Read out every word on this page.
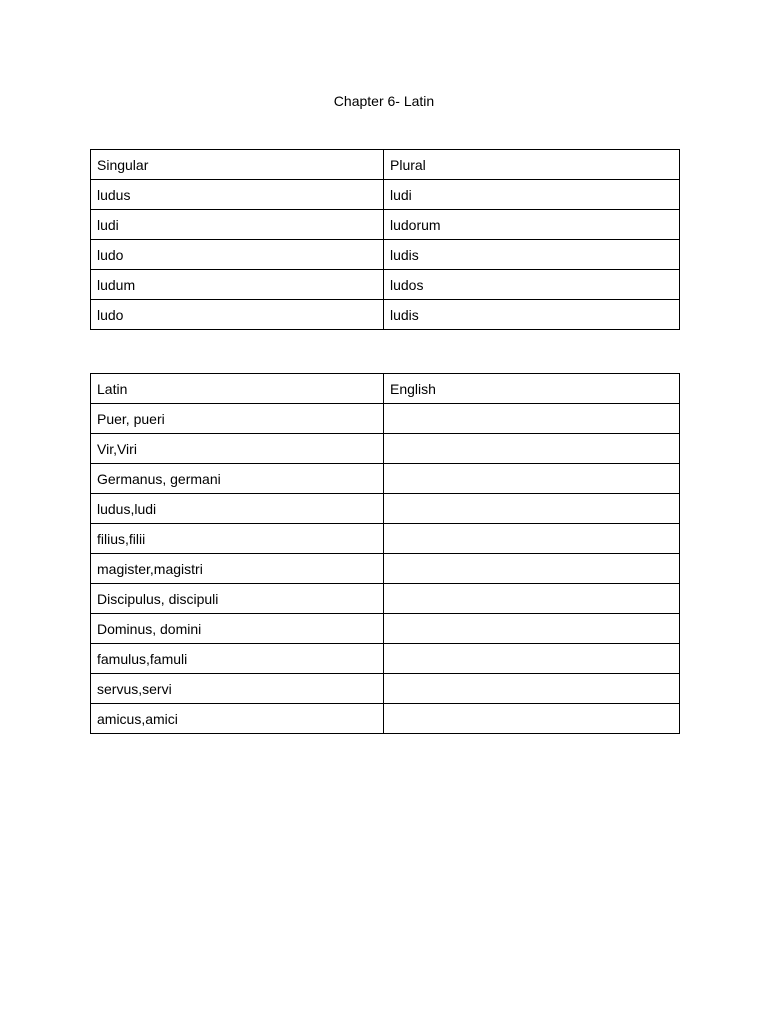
Chapter 6- Latin
Singular	Plural
ludus	ludi
ludi	ludorum
ludo	ludis
ludum	ludos
ludo	ludis
Latin	English
Puer, pueri	
Vir,Viri	
Germanus, germani	
ludus,ludi	
filius,filii	
magister,magistri	
Discipulus, discipuli	
Dominus, domini	
famulus,famuli	
servus,servi	
amicus,amici	
